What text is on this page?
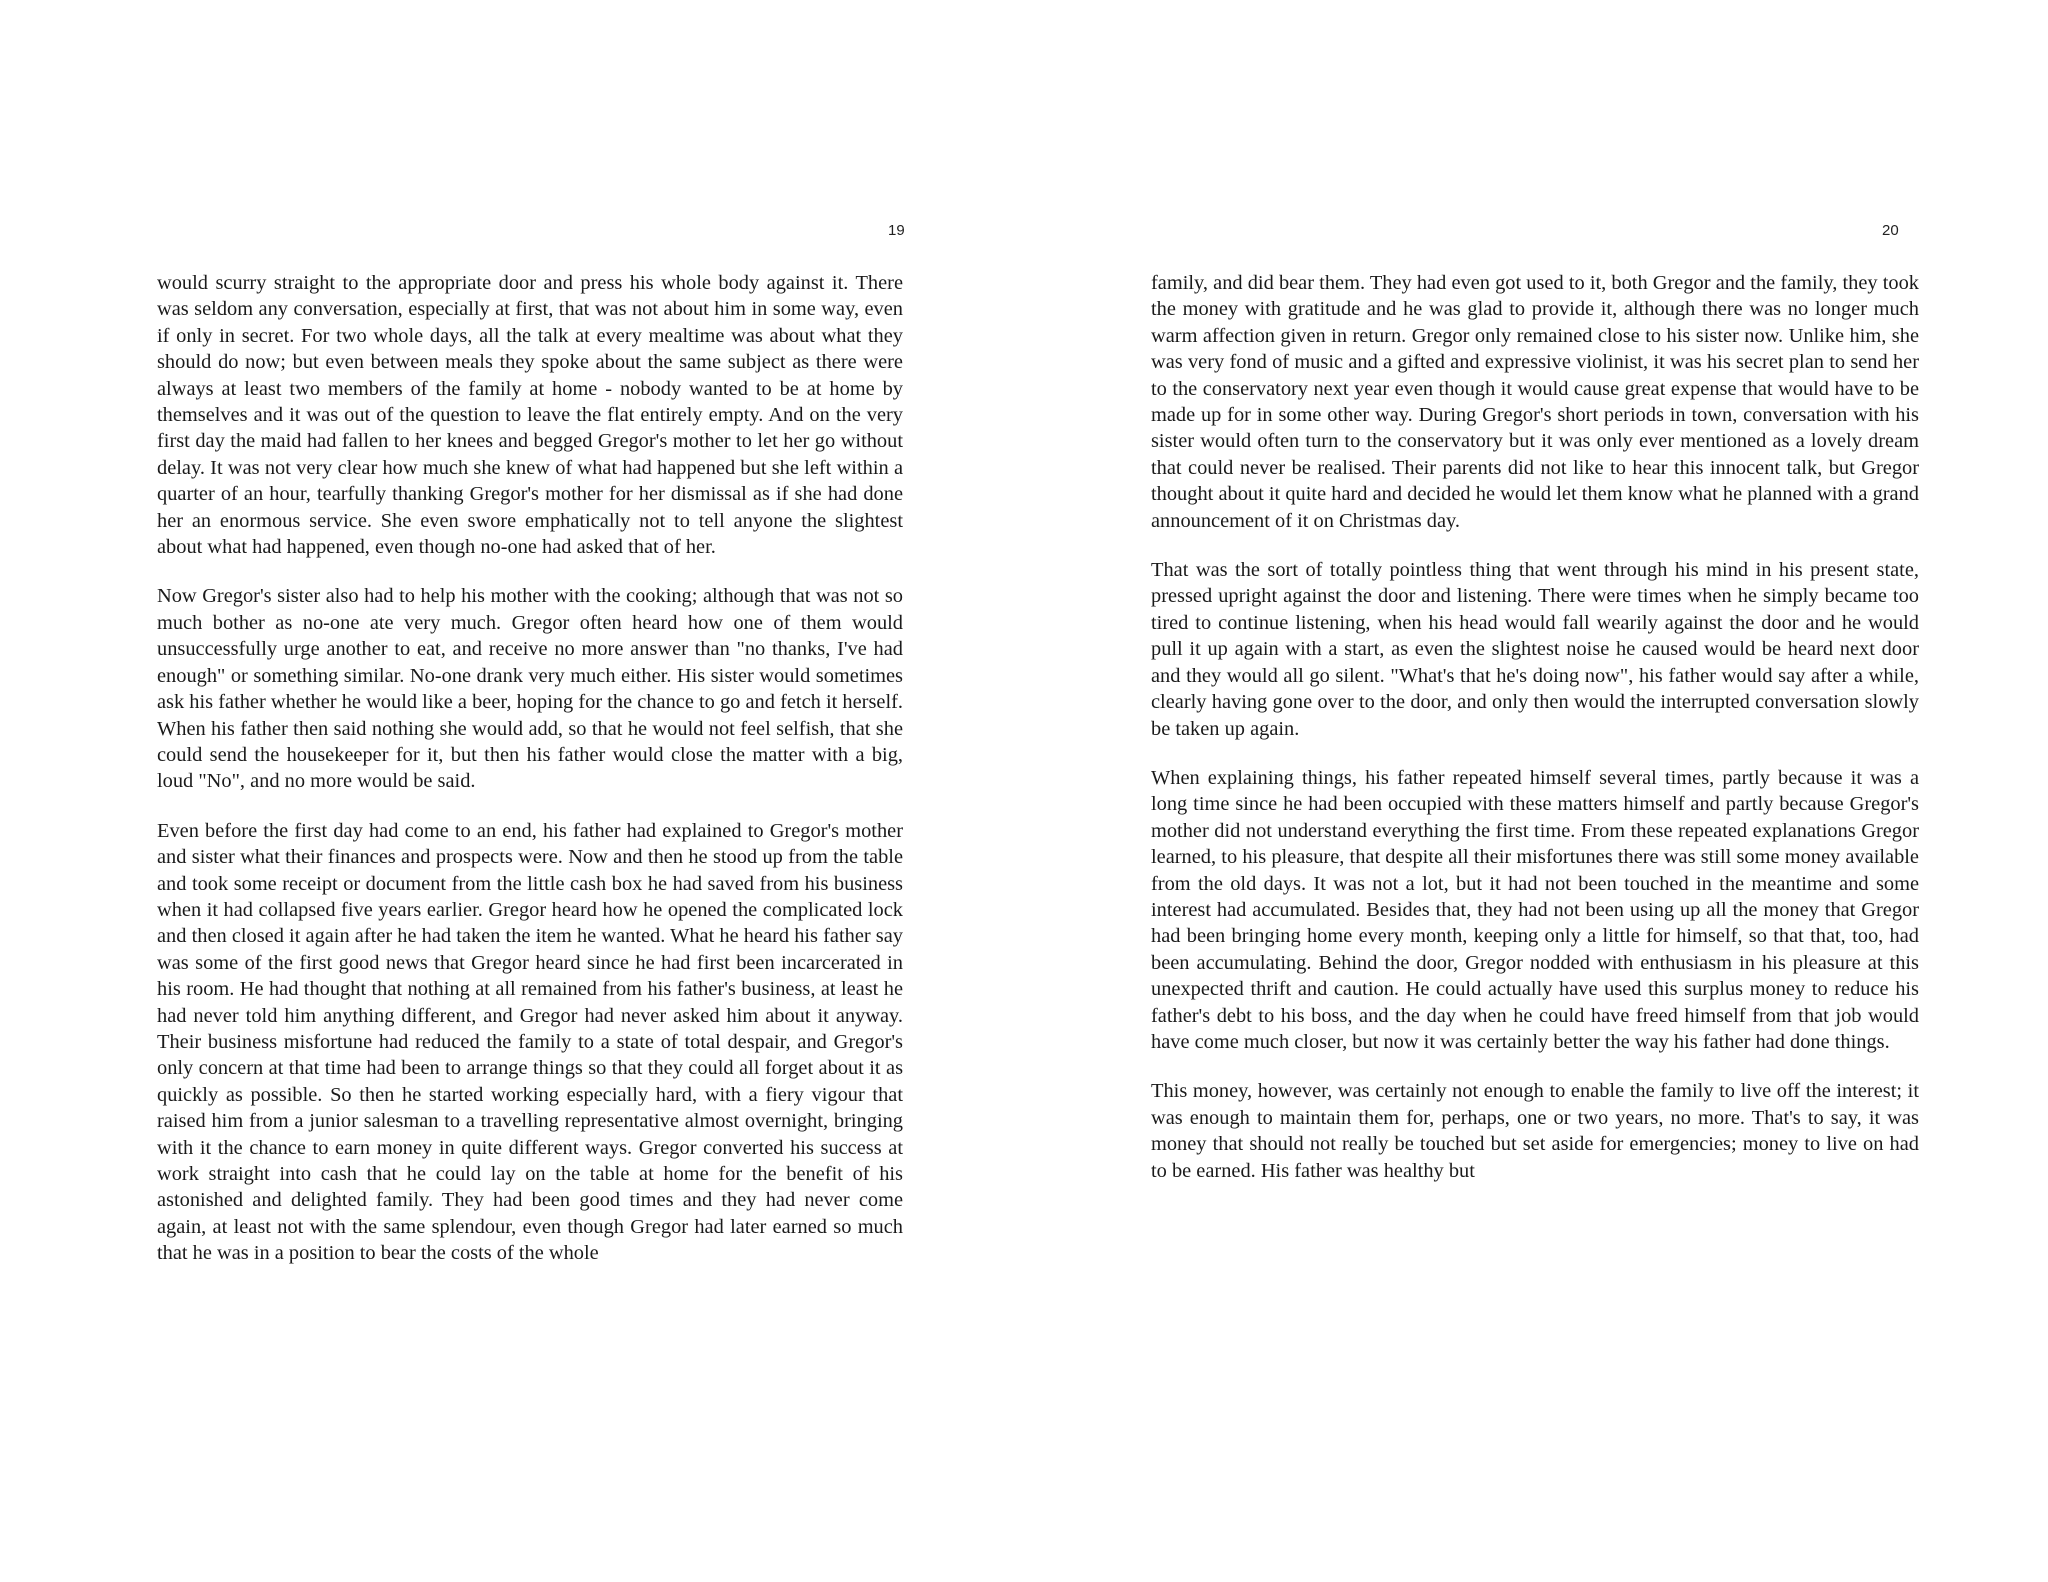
19

would scurry straight to the appropriate door and press his whole body against it. There was seldom any conversation, especially at first, that was not about him in some way, even if only in secret. For two whole days, all the talk at every mealtime was about what they should do now; but even between meals they spoke about the same subject as there were always at least two members of the family at home - nobody wanted to be at home by themselves and it was out of the question to leave the flat entirely empty. And on the very first day the maid had fallen to her knees and begged Gregor's mother to let her go without delay. It was not very clear how much she knew of what had happened but she left within a quarter of an hour, tearfully thanking Gregor's mother for her dismissal as if she had done her an enormous service. She even swore emphatically not to tell anyone the slightest about what had happened, even though no-one had asked that of her.

Now Gregor's sister also had to help his mother with the cooking; although that was not so much bother as no-one ate very much. Gregor often heard how one of them would unsuccessfully urge another to eat, and receive no more answer than "no thanks, I've had enough" or something similar. No-one drank very much either. His sister would sometimes ask his father whether he would like a beer, hoping for the chance to go and fetch it herself. When his father then said nothing she would add, so that he would not feel selfish, that she could send the housekeeper for it, but then his father would close the matter with a big, loud "No", and no more would be said.

Even before the first day had come to an end, his father had explained to Gregor's mother and sister what their finances and prospects were. Now and then he stood up from the table and took some receipt or document from the little cash box he had saved from his business when it had collapsed five years earlier. Gregor heard how he opened the complicated lock and then closed it again after he had taken the item he wanted. What he heard his father say was some of the first good news that Gregor heard since he had first been incarcerated in his room. He had thought that nothing at all remained from his father's business, at least he had never told him anything different, and Gregor had never asked him about it anyway. Their business misfortune had reduced the family to a state of total despair, and Gregor's only concern at that time had been to arrange things so that they could all forget about it as quickly as possible. So then he started working especially hard, with a fiery vigour that raised him from a junior salesman to a travelling representative almost overnight, bringing with it the chance to earn money in quite different ways. Gregor converted his success at work straight into cash that he could lay on the table at home for the benefit of his astonished and delighted family. They had been good times and they had never come again, at least not with the same splendour, even though Gregor had later earned so much that he was in a position to bear the costs of the whole

20

family, and did bear them. They had even got used to it, both Gregor and the family, they took the money with gratitude and he was glad to provide it, although there was no longer much warm affection given in return. Gregor only remained close to his sister now. Unlike him, she was very fond of music and a gifted and expressive violinist, it was his secret plan to send her to the conservatory next year even though it would cause great expense that would have to be made up for in some other way. During Gregor's short periods in town, conversation with his sister would often turn to the conservatory but it was only ever mentioned as a lovely dream that could never be realised. Their parents did not like to hear this innocent talk, but Gregor thought about it quite hard and decided he would let them know what he planned with a grand announcement of it on Christmas day.

That was the sort of totally pointless thing that went through his mind in his present state, pressed upright against the door and listening. There were times when he simply became too tired to continue listening, when his head would fall wearily against the door and he would pull it up again with a start, as even the slightest noise he caused would be heard next door and they would all go silent. "What's that he's doing now", his father would say after a while, clearly having gone over to the door, and only then would the interrupted conversation slowly be taken up again.

When explaining things, his father repeated himself several times, partly because it was a long time since he had been occupied with these matters himself and partly because Gregor's mother did not understand everything the first time. From these repeated explanations Gregor learned, to his pleasure, that despite all their misfortunes there was still some money available from the old days. It was not a lot, but it had not been touched in the meantime and some interest had accumulated. Besides that, they had not been using up all the money that Gregor had been bringing home every month, keeping only a little for himself, so that that, too, had been accumulating. Behind the door, Gregor nodded with enthusiasm in his pleasure at this unexpected thrift and caution. He could actually have used this surplus money to reduce his father's debt to his boss, and the day when he could have freed himself from that job would have come much closer, but now it was certainly better the way his father had done things.

This money, however, was certainly not enough to enable the family to live off the interest; it was enough to maintain them for, perhaps, one or two years, no more. That's to say, it was money that should not really be touched but set aside for emergencies; money to live on had to be earned. His father was healthy but
